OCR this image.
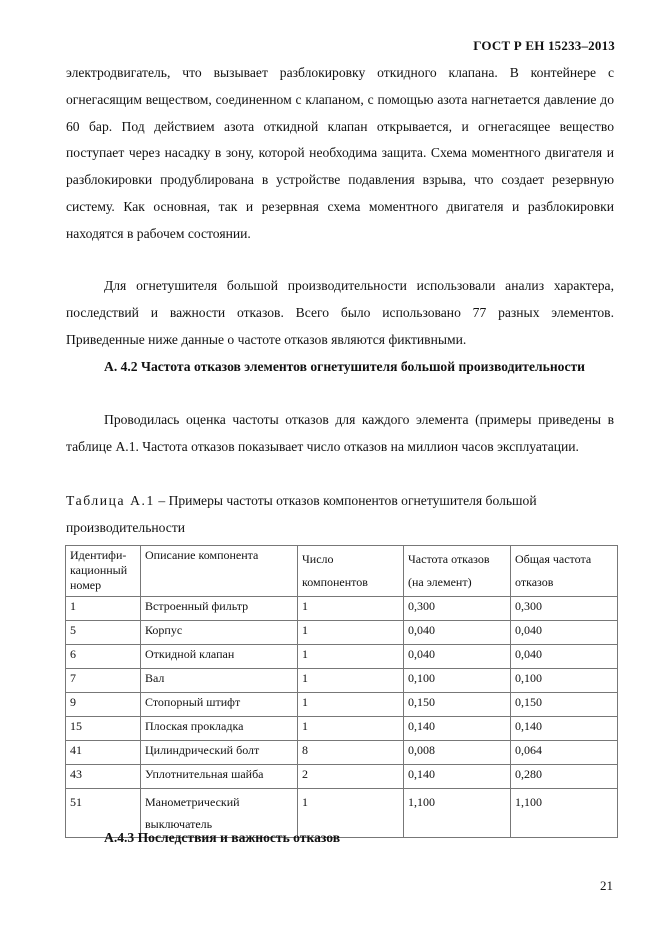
ГОСТ Р ЕН 15233–2013

электродвигатель, что вызывает разблокировку откидного клапана. В контейнере с огнегасящим веществом, соединенном с клапаном, с помощью азота нагнетается давление до 60 бар. Под действием азота откидной клапан открывается, и огнегасящее вещество поступает через насадку в зону, которой необходима защита. Схема моментного двигателя и разблокировки продублирована в устройстве подавления взрыва, что создает резервную систему. Как основная, так и резервная схема моментного двигателя и разблокировки находятся в рабочем состоянии.

Для огнетушителя большой производительности использовали анализ характера, последствий и важности отказов. Всего было использовано 77 разных элементов. Приведенные ниже данные о частоте отказов являются фиктивными.

А. 4.2 Частота отказов элементов огнетушителя большой производительности

Проводилась оценка частоты отказов для каждого элемента (примеры приведены в таблице А.1. Частота отказов показывает число отказов на миллион часов эксплуатации.

Таблица А.1 – Примеры частоты отказов компонентов огнетушителя большой производительности

Идентифи-кационный номер	Описание компонента	Число компонентов	Частота отказов (на элемент)	Общая частота отказов
1	Встроенный фильтр	1	0,300	0,300
5	Корпус	1	0,040	0,040
6	Откидной клапан	1	0,040	0,040
7	Вал	1	0,100	0,100
9	Стопорный штифт	1	0,150	0,150
15	Плоская прокладка	1	0,140	0,140
41	Цилиндрический болт	8	0,008	0,064
43	Уплотнительная шайба	2	0,140	0,280
51	Манометрический выключатель	1	1,100	1,100

А.4.3 Последствия и важность отказов

21
